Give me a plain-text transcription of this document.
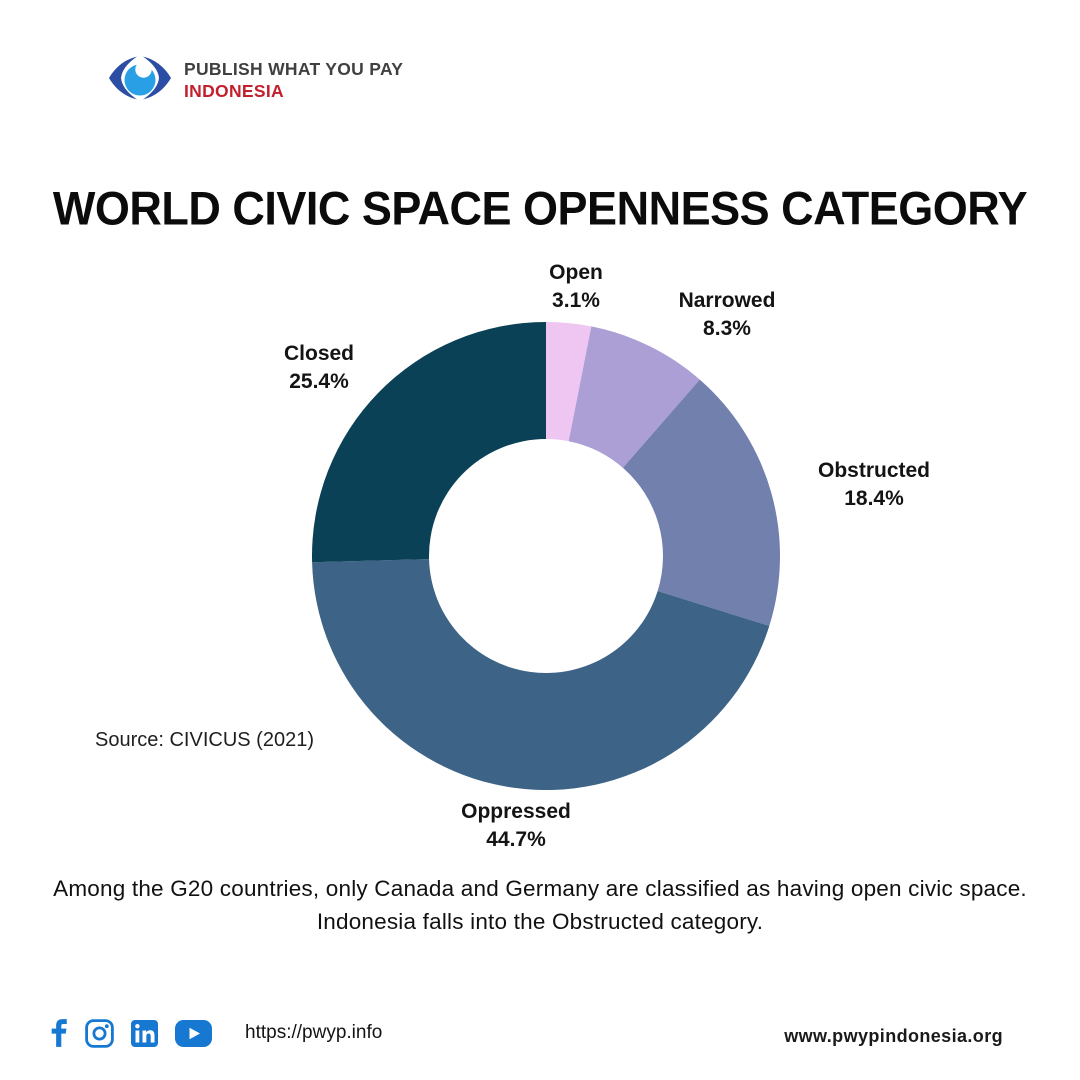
PUBLISH WHAT YOU PAY
INDONESIA
WORLD CIVIC SPACE OPENNESS CATEGORY
Open
3.1%	Narrowed
8.3%
Obstructed
18.4%
Oppressed
44.7%
Closed
25.4%
Source: CIVICUS (2021)
Among the G20 countries, only Canada and Germany are classified as having open civic space. Indonesia falls into the Obstructed category.
https://pwyp.info	www.pwypindonesia.org
